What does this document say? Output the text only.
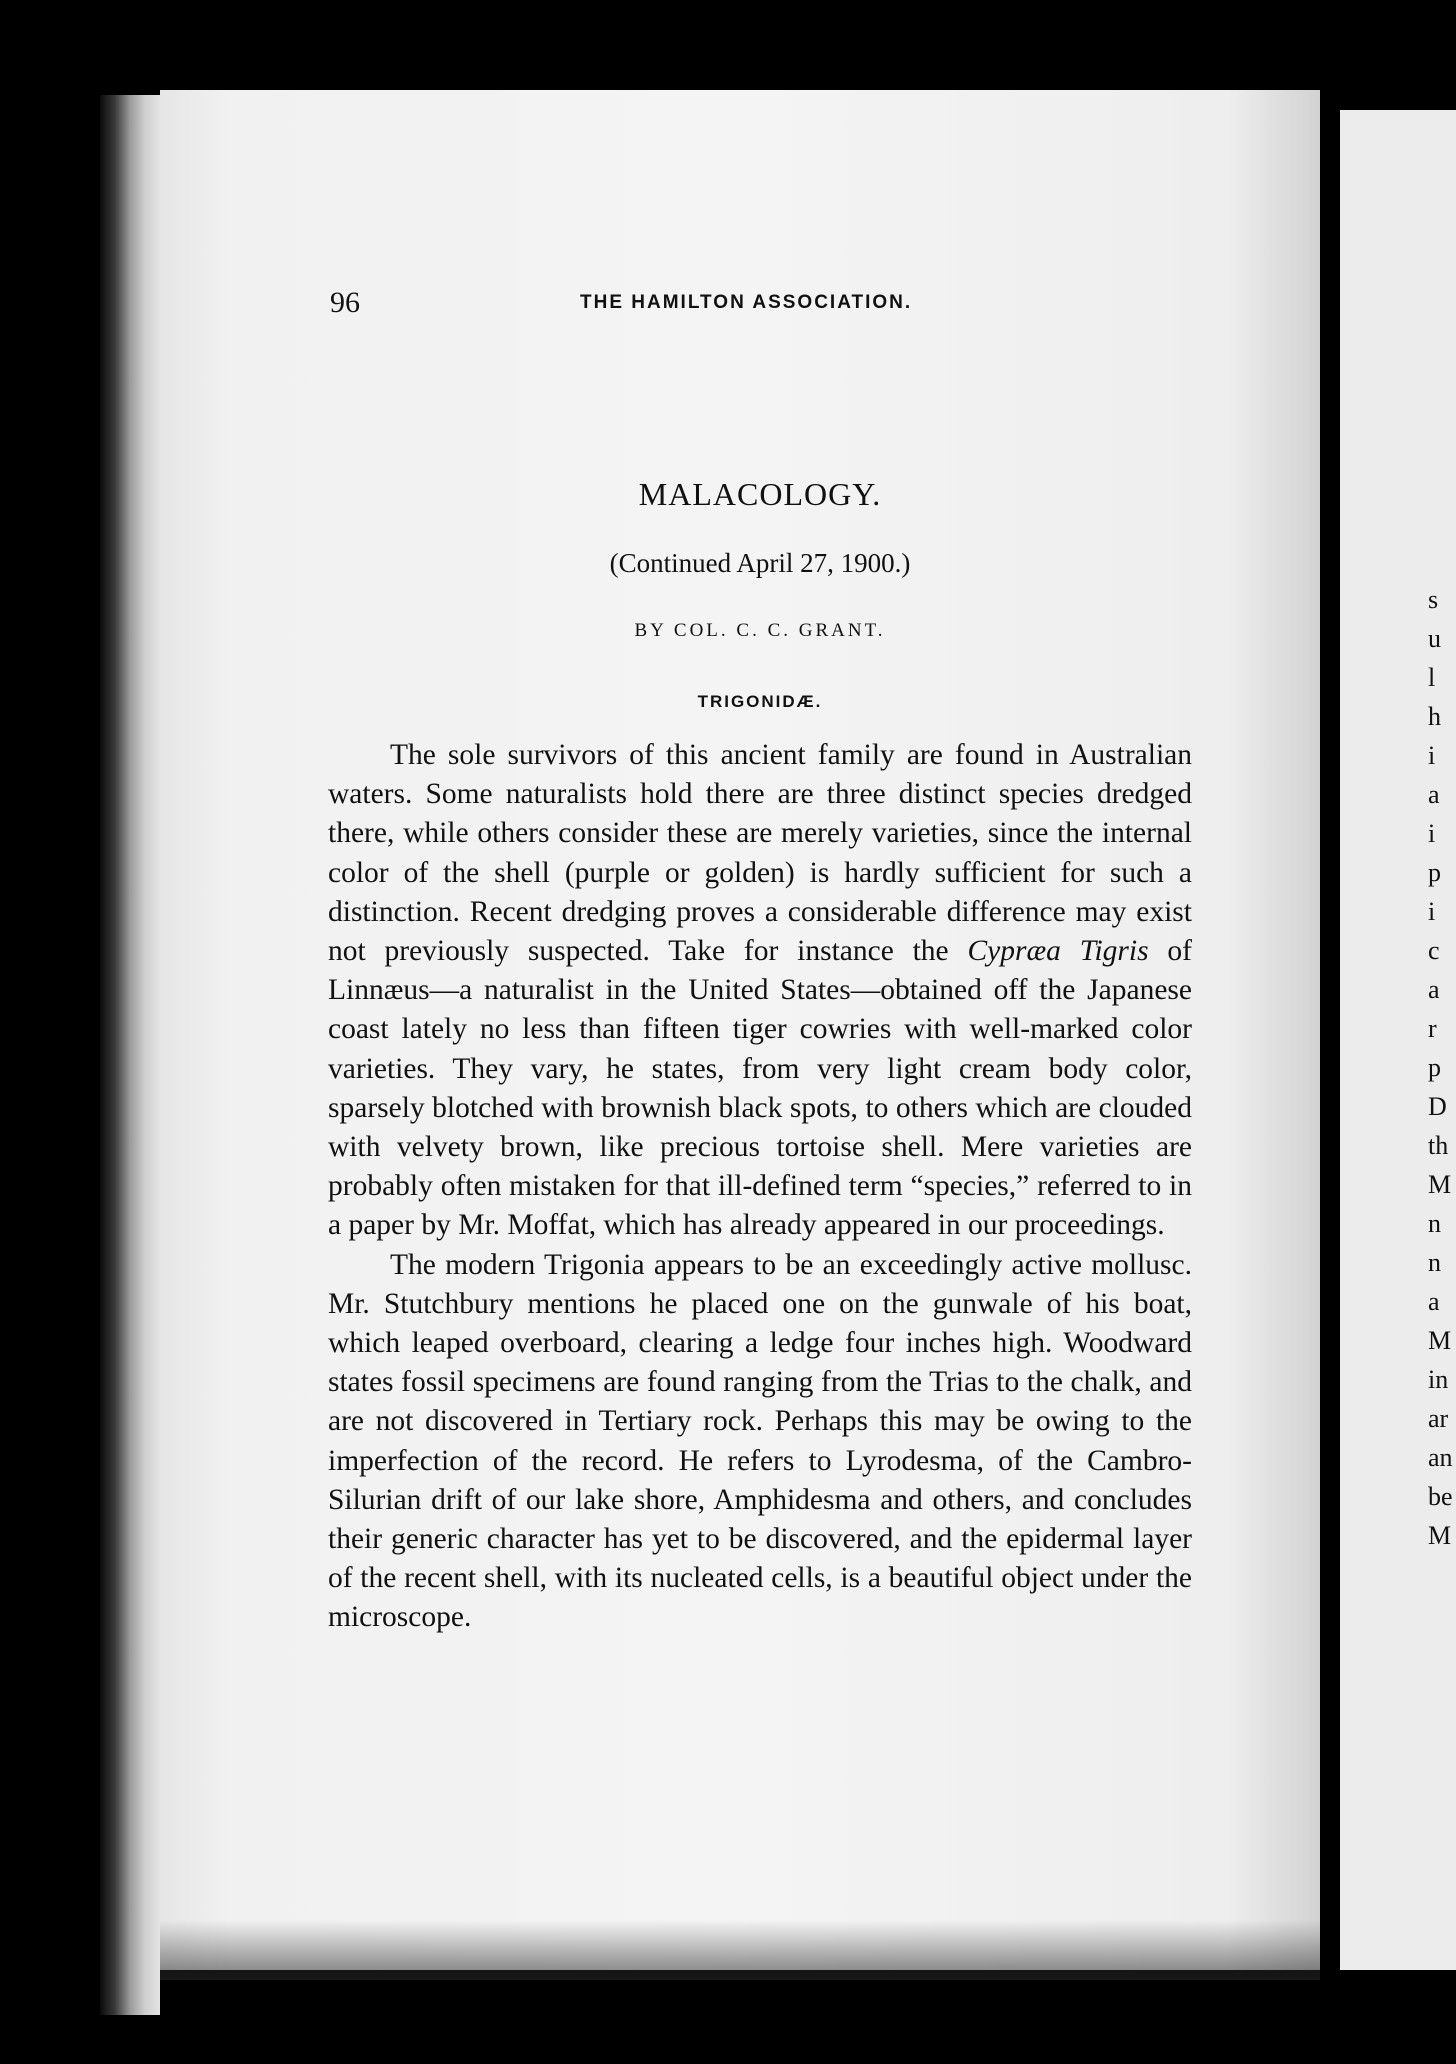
96	THE HAMILTON ASSOCIATION.
MALACOLOGY.
(Continued April 27, 1900.)
BY COL. C. C. GRANT.
TRIGONIDÆ.

The sole survivors of this ancient family are found in Australian waters. Some naturalists hold there are three distinct species dredged there, while others consider these are merely varieties, since the internal color of the shell (purple or golden) is hardly sufficient for such a distinction. Recent dredging proves a considerable difference may exist not previously suspected. Take for instance the Cypræa Tigris of Linnæus—a naturalist in the United States—obtained off the Japanese coast lately no less than fifteen tiger cowries with well-marked color varieties. They vary, he states, from very light cream body color, sparsely blotched with brownish black spots, to others which are clouded with velvety brown, like precious tortoise shell. Mere varieties are probably often mistaken for that ill-defined term “species,” referred to in a paper by Mr. Moffat, which has already appeared in our proceedings.

The modern Trigonia appears to be an exceedingly active mollusc. Mr. Stutchbury mentions he placed one on the gunwale of his boat, which leaped overboard, clearing a ledge four inches high. Woodward states fossil specimens are found ranging from the Trias to the chalk, and are not discovered in Tertiary rock. Perhaps this may be owing to the imperfection of the record. He refers to Lyrodesma, of the Cambro-Silurian drift of our lake shore, Amphidesma and others, and concludes their generic character has yet to be discovered, and the epidermal layer of the recent shell, with its nucleated cells, is a beautiful object under the microscope.

s
u
l
h
i
a
i
p
i
c
a
r
p
D
th
M
n
n
a
M
in
ar
an
be
M
